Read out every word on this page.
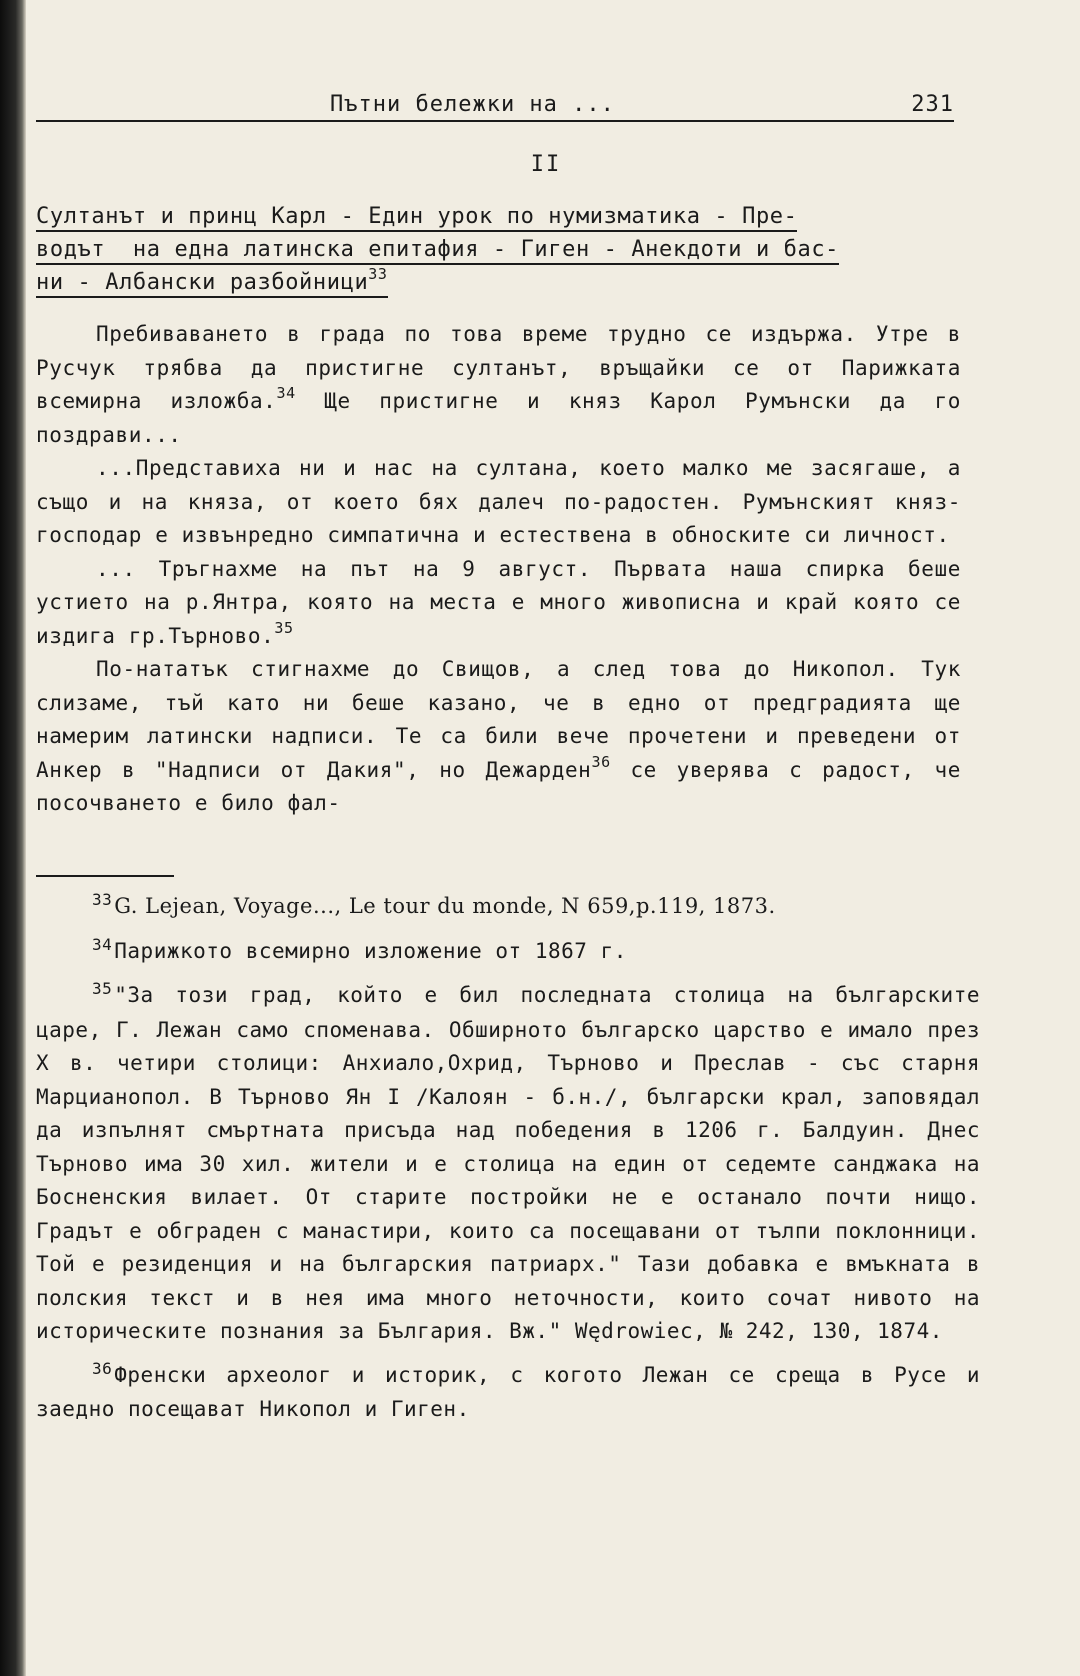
Пътни бележки на ...	231
II
Султанът и принц Карл - Един урок по нумизматика - Пре-
водът  на една латинска епитафия - Гиген - Анекдоти и бас-
ни - Албански разбойници$^{33}$

Пребиваването в града по това време трудно се издържа. Утре в Русчук трябва да пристигне султанът, връщайки се от Парижката всемирна изложба.$^{34}$ Ще пристигне и княз Карол Румънски да го поздрави...

...Представиха ни и нас на султана, което малко ме засягаше, а също и на княза, от което бях далеч по-радостен. Румънският княз-господар е извънредно симпатична и естествена в обноските си личност.

... Тръгнахме на път на 9 август. Първата наша спирка беше устието на р.Янтра, която на места е много живописна и край която се издига гр.Търново.$^{35}$

По-нататък стигнахме до Свищов, а след това до Никопол. Тук слизаме, тъй като ни беше казано, че в едно от предградията ще намерим латински надписи. Те са били вече прочетени и преведени от Анкер в "Надписи от Дакия", но Дежарден$^{36}$ се уверява с радост, че посочването е било фал-

$^{33}$G. Lejean, Voyage..., Le tour du monde, N 659,p.119, 1873.

$^{34}$Парижкото всемирно изложение от 1867 г.

$^{35}$"За този град, който е бил последната столица на българските царе, Г. Лежан само споменава. Обширното българско царство е имало през X в. четири столици: Анхиало,Охрид, Търново и Преслав - със старня Марцианопол. В Търново Ян I /Калоян - б.н./, български крал, заповядал да изпълнят смъртната присъда над победения в 1206 г. Балдуин. Днес Търново има 30 хил. жители и е столица на един от седемте санджака на Босненския вилает. От старите постройки не е останало почти нищо. Градът е обграден с манастири, които са посещавани от тълпи поклонници. Той е резиденция и на българския патриарх." Тази добавка е вмъкната в полския текст и в нея има много неточности, които сочат нивото на историческите познания за България. Вж." Wędrowiec, № 242, 130, 1874.

$^{36}$Френски археолог и историк, с когото Лежан се среща в Русе и заедно посещават Никопол и Гиген.
